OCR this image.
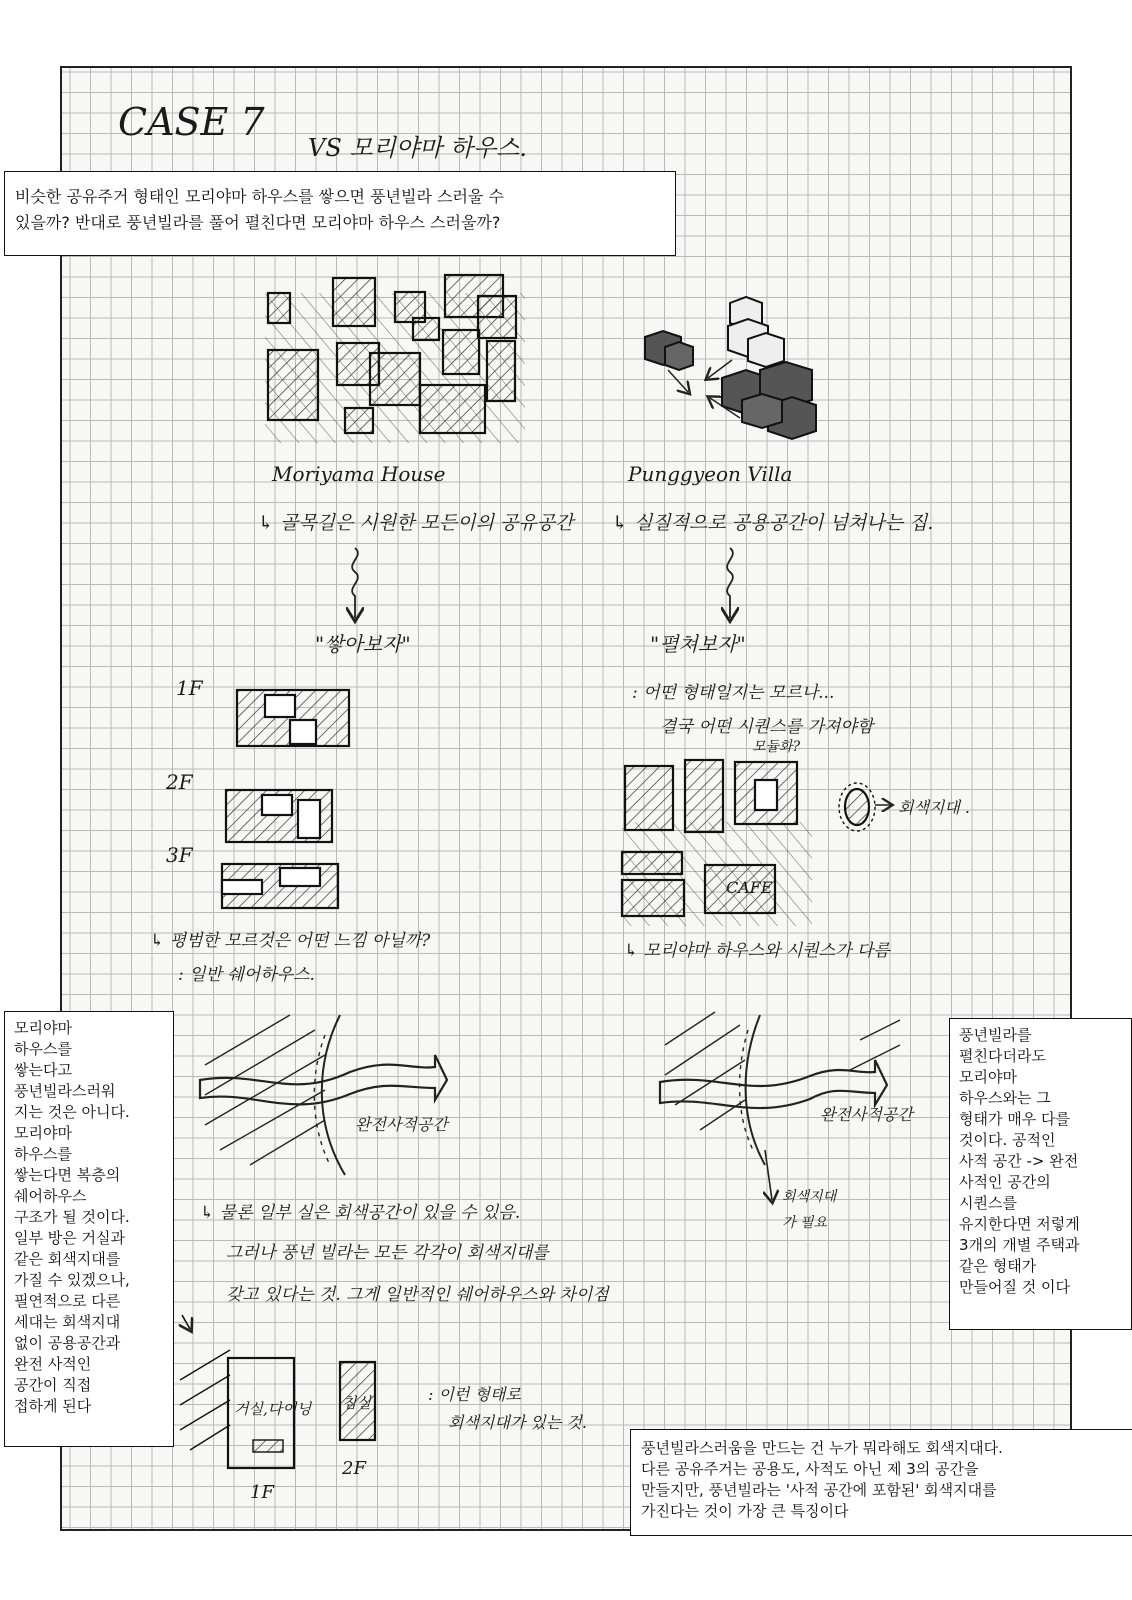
CASE 7
VS 모리야마 하우스.
Moriyama House	Punggyeon Villa
↳ 골목길은 시원한 모든이의 공유공간 ↳ 실질적으로 공용공간이 넘쳐나는 집.
"쌓아보자"	"펼쳐보자"
: 어떤 형태일지는 모르나...
결국 어떤 시퀀스를 가져야함
모듈화?
1F
2F
3F
회색지대 .
CAFE
↳ 평범한 모르것은 어떤 느낌 아닐까?
: 일반 쉐어하우스.
↳ 모리야마 하우스와 시퀀스가 다름
완전사적공간
완전사적공간
회색지대
가 필요
↳ 물론 일부 실은 회색공간이 있을 수 있음.
그러나 풍년 빌라는 모든 각각이 회색지대를
갖고 있다는 것. 그게 일반적인 쉐어하우스와 차이점
거실,다이닝 침실	: 이런 형태로
회색지대가 있는 것.
1F
2F
비슷한 공유주거 형태인 모리야마 하우스를 쌓으면 풍년빌라 스러울 수
있을까? 반대로 풍년빌라를 풀어 펼친다면 모리야마 하우스 스러울까?
모리야마
하우스를
쌓는다고
풍년빌라스러워
지는 것은 아니다.
모리야마
하우스를
쌓는다면 복층의
쉐어하우스
구조가 될 것이다.
일부 방은 거실과
같은 회색지대를
가질 수 있겠으나,
필연적으로 다른
세대는 회색지대
없이 공용공간과
완전 사적인
공간이 직접
접하게 된다
풍년빌라를
펼친다더라도
모리야마
하우스와는 그
형태가 매우 다를
것이다. 공적인
사적 공간 -> 완전
사적인 공간의
시퀀스를
유지한다면 저렇게
3개의 개별 주택과
같은 형태가
만들어질 것 이다
풍년빌라스러움을 만드는 건 누가 뭐라해도 회색지대다.
다른 공유주거는 공용도, 사적도 아닌 제 3의 공간을
만들지만, 풍년빌라는 '사적 공간에 포함된' 회색지대를
가진다는 것이 가장 큰 특징이다
